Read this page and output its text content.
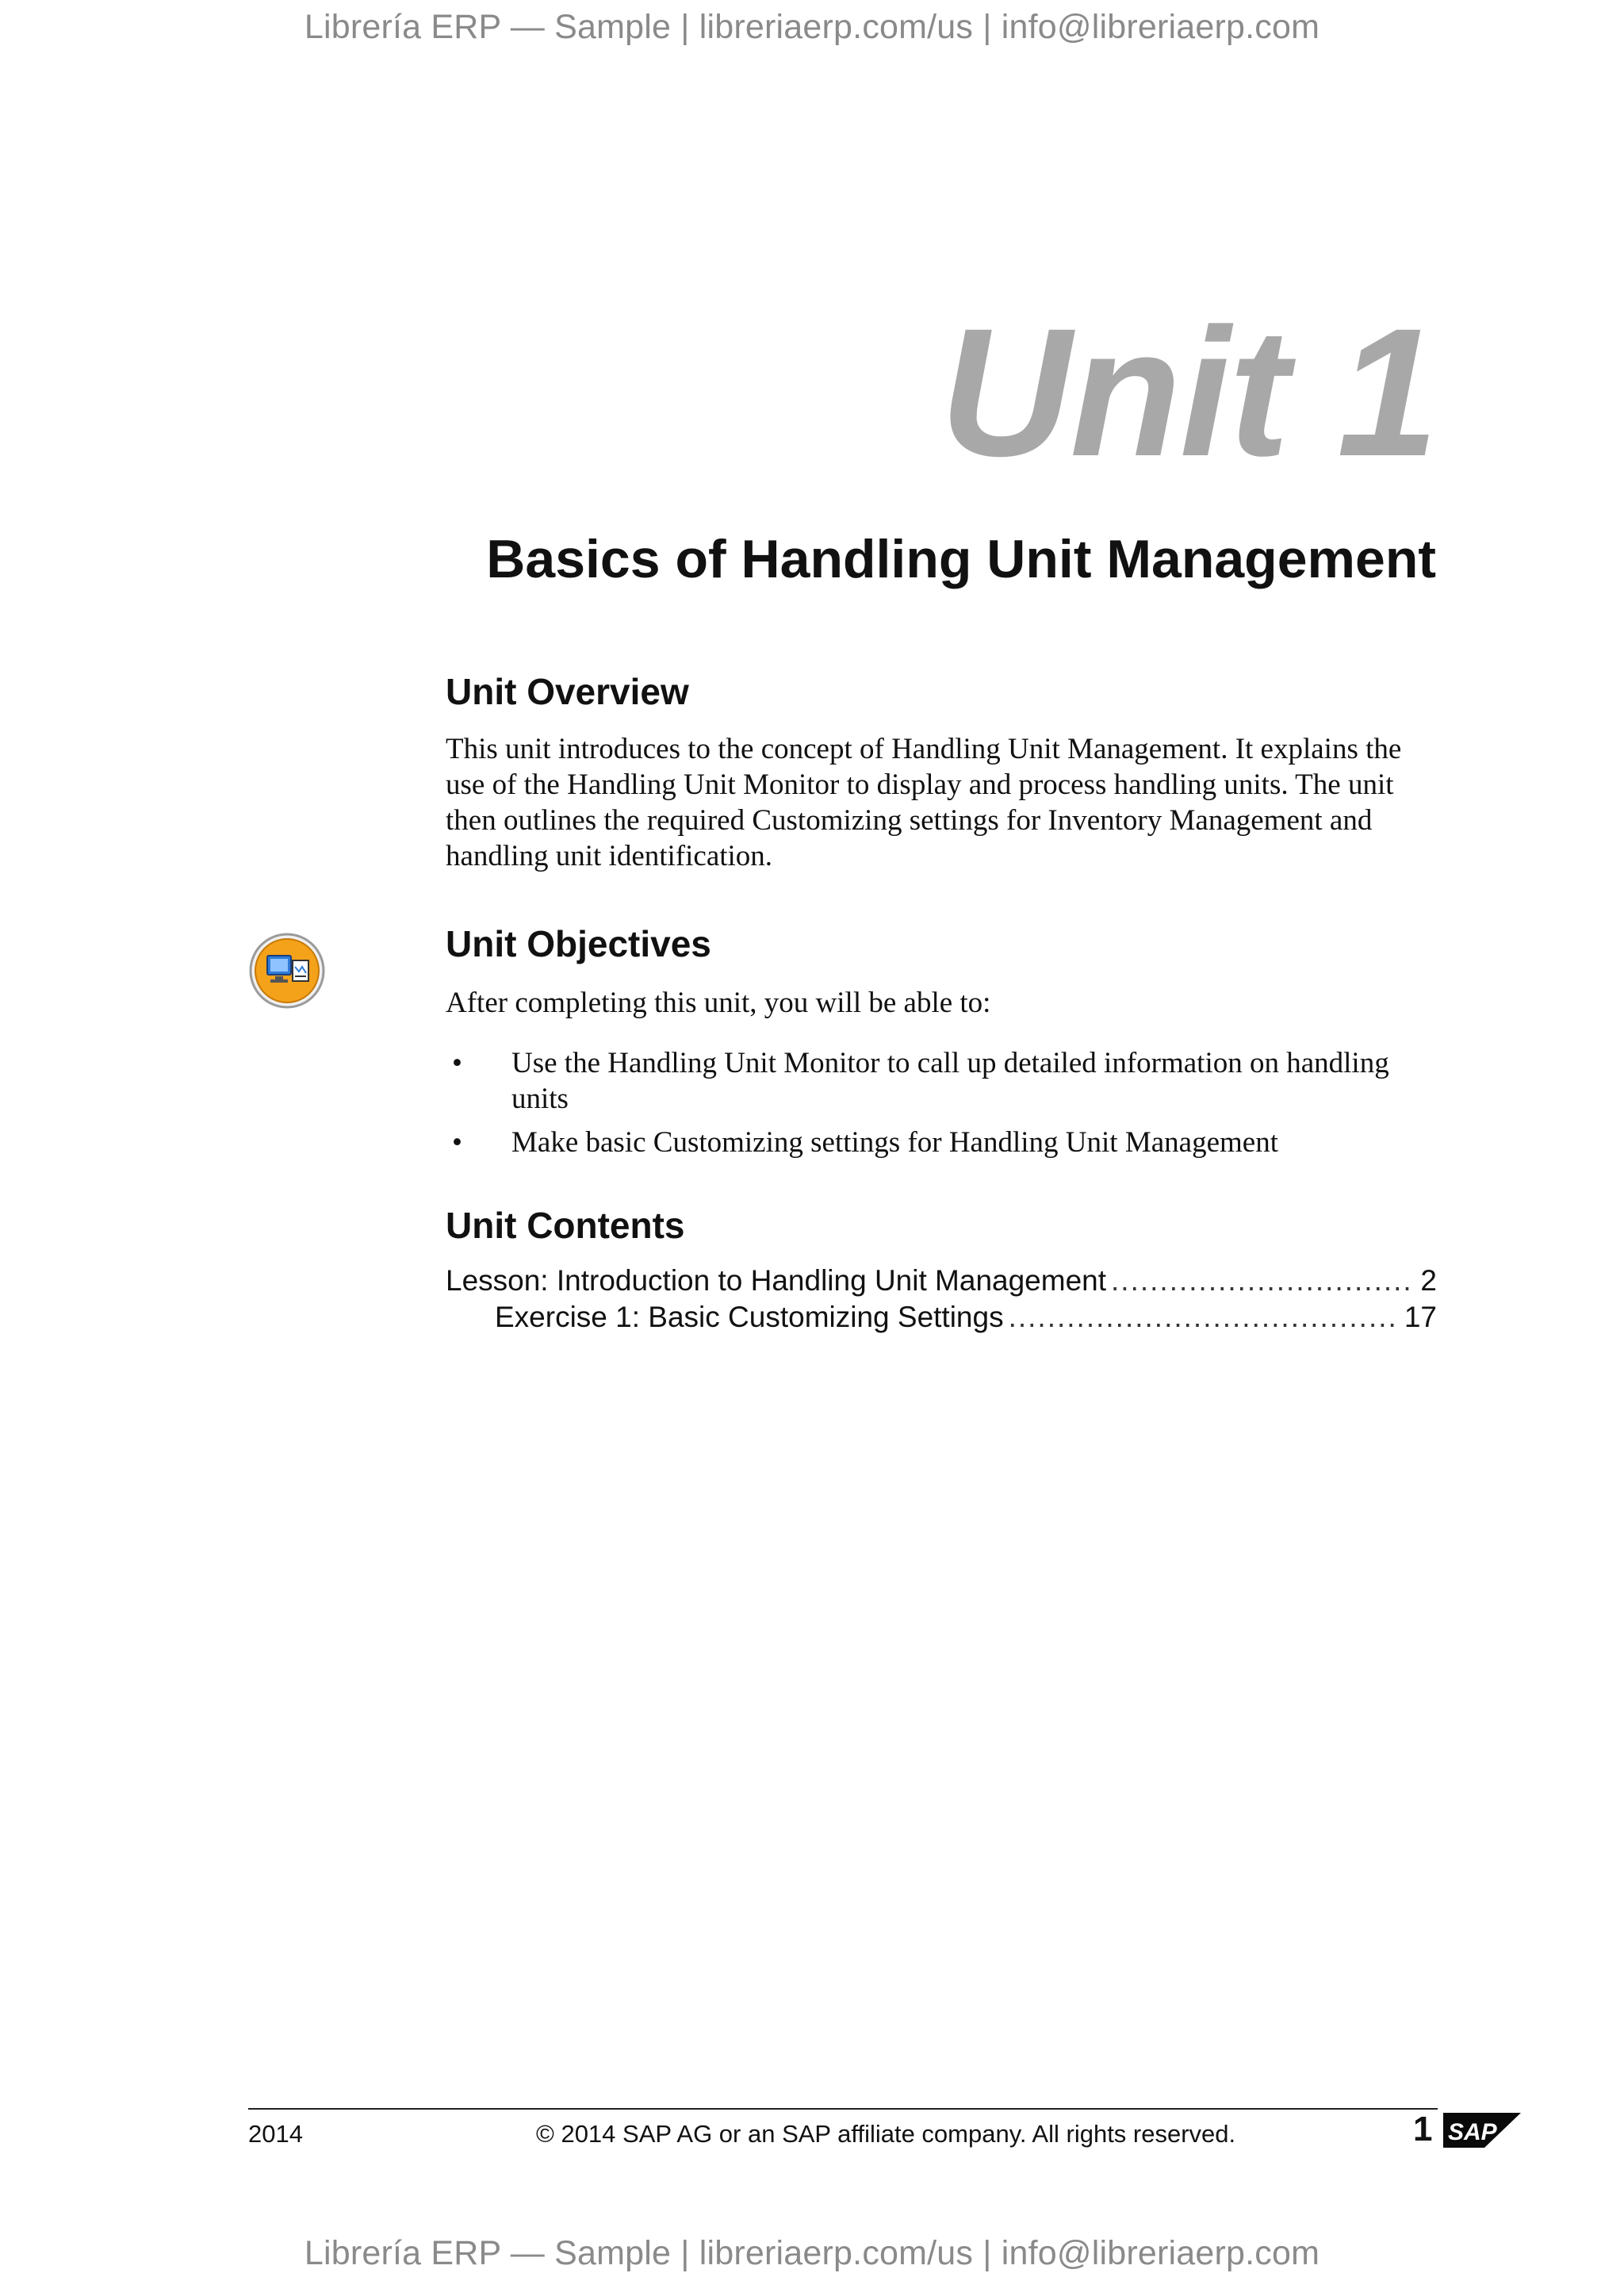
Librería ERP — Sample | libreriaerp.com/us | info@libreriaerp.com
Unit 1
Basics of Handling Unit Management
Unit Overview
This unit introduces to the concept of Handling Unit Management. It explains the use of the Handling Unit Monitor to display and process handling units. The unit then outlines the required Customizing settings for Inventory Management and handling unit identification.
Unit Objectives
After completing this unit, you will be able to:
• Use the Handling Unit Monitor to call up detailed information on handling units
• Make basic Customizing settings for Handling Unit Management
Unit Contents
Lesson: Introduction to Handling Unit Management .....	2
Exercise 1: Basic Customizing Settings .....	17
2014	© 2014 SAP AG or an SAP affiliate company. All rights reserved.	1 SAP
Librería ERP — Sample | libreriaerp.com/us | info@libreriaerp.com
